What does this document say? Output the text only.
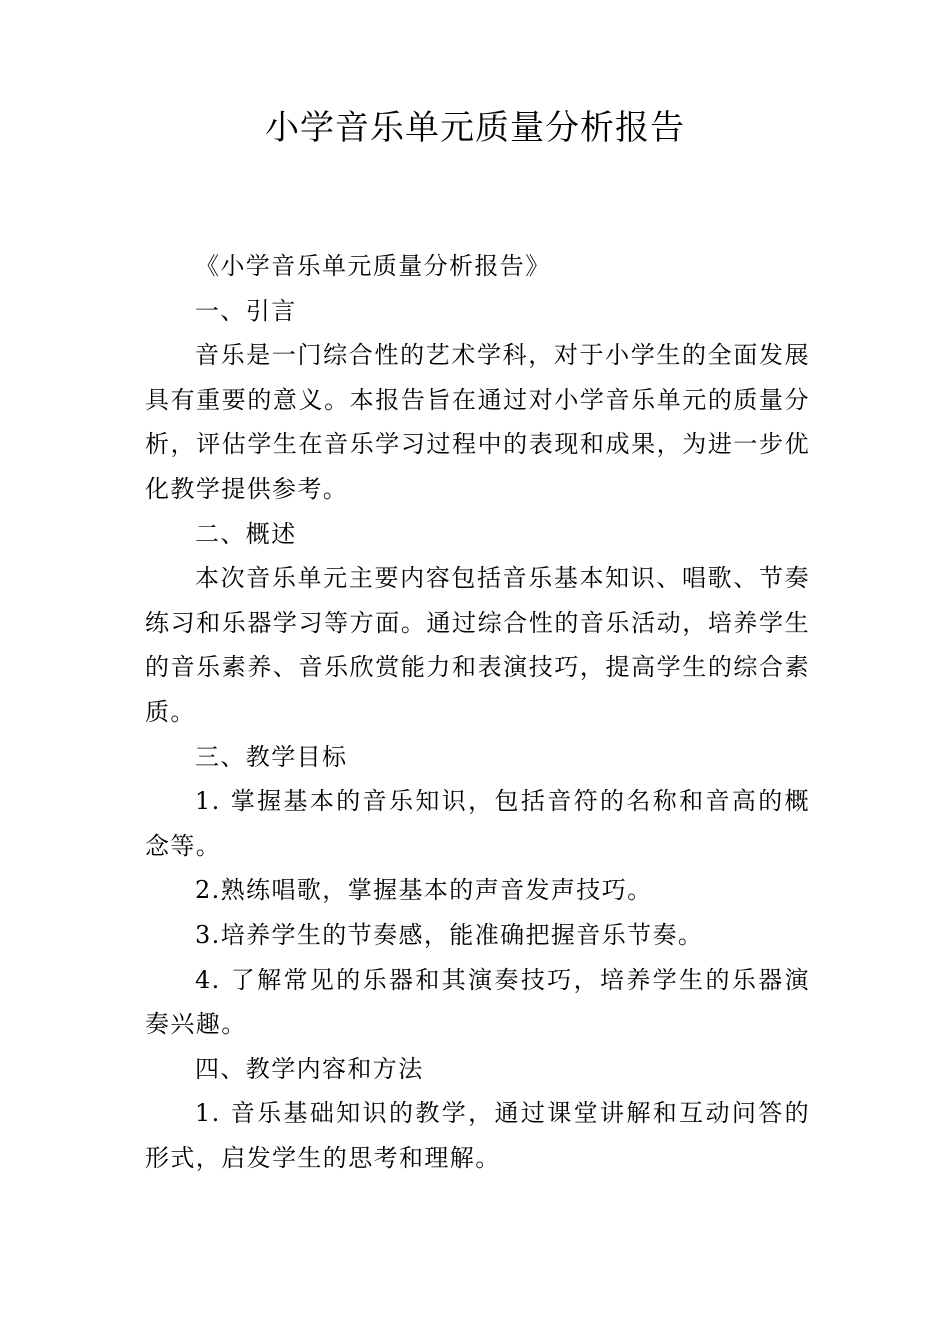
小学音乐单元质量分析报告

《小学音乐单元质量分析报告》

一、引言

音乐是一门综合性的艺术学科，对于小学生的全面发展具有重要的意义。本报告旨在通过对小学音乐单元的质量分析，评估学生在音乐学习过程中的表现和成果，为进一步优化教学提供参考。

二、概述

本次音乐单元主要内容包括音乐基本知识、唱歌、节奏练习和乐器学习等方面。通过综合性的音乐活动，培养学生的音乐素养、音乐欣赏能力和表演技巧，提高学生的综合素质。

三、教学目标

1. 掌握基本的音乐知识，包括音符的名称和音高的概念等。

2.熟练唱歌，掌握基本的声音发声技巧。

3.培养学生的节奏感，能准确把握音乐节奏。

4. 了解常见的乐器和其演奏技巧，培养学生的乐器演奏兴趣。

四、教学内容和方法

1. 音乐基础知识的教学，通过课堂讲解和互动问答的形式，启发学生的思考和理解。
